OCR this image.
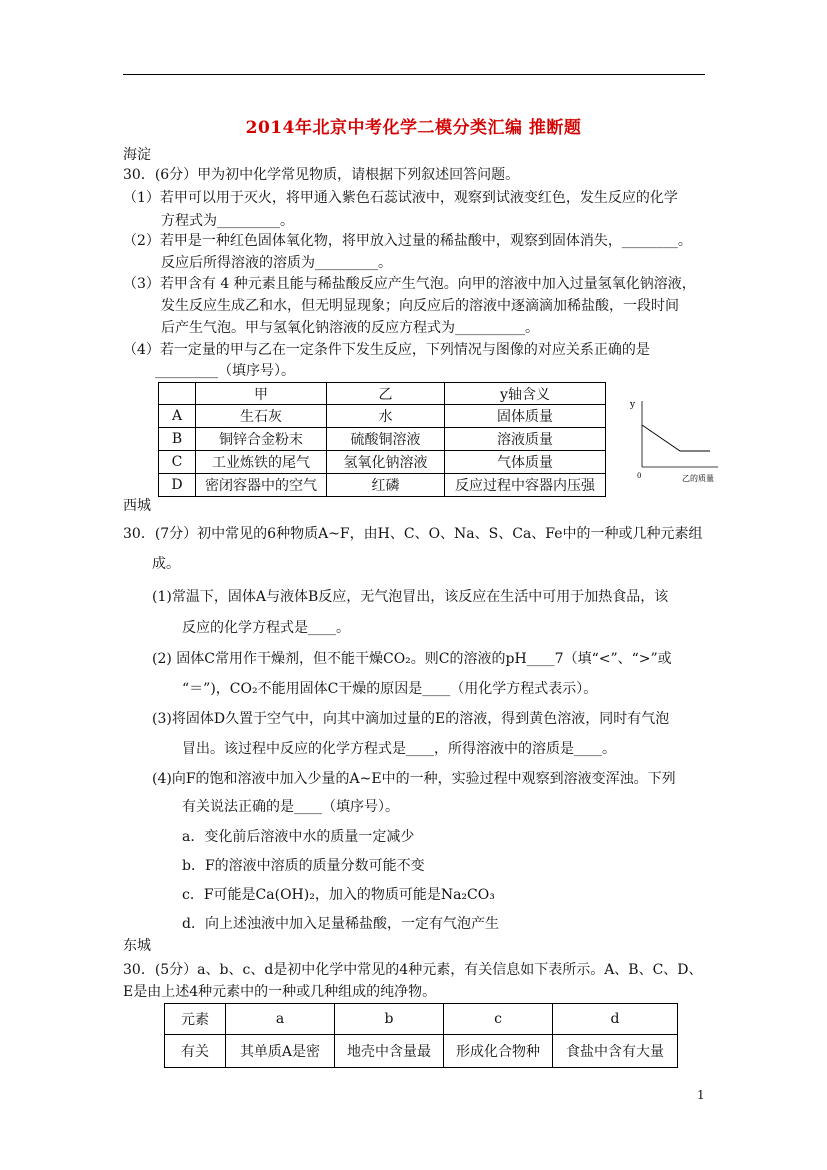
2014年北京中考化学二模分类汇编 推断题
海淀
30．(6分）甲为初中化学常见物质，请根据下列叙述回答问题。
（1）若甲可以用于灭火，将甲通入紫色石蕊试液中，观察到试液变红色，发生反应的化学
方程式为_________。
（2）若甲是一种红色固体氧化物，将甲放入过量的稀盐酸中，观察到固体消失，________。
反应后所得溶液的溶质为_________。
（3）若甲含有 4 种元素且能与稀盐酸反应产生气泡。向甲的溶液中加入过量氢氧化钠溶液，
发生反应生成乙和水，但无明显现象；向反应后的溶液中逐滴滴加稀盐酸，一段时间
后产生气泡。甲与氢氧化钠溶液的反应方程式为__________。
（4）若一定量的甲与乙在一定条件下发生反应，下列情况与图像的对应关系正确的是
_________（填序号）。
	甲	乙	y轴含义
A	生石灰	水	固体质量
B	铜锌合金粉末	硫酸铜溶液	溶液质量
C	工业炼铁的尾气	氢氧化钠溶液	气体质量
D	密闭容器中的空气	红磷	反应过程中容器内压强
y
0	乙的质量
西城
30．(7分）初中常见的6种物质A~F，由H、C、O、Na、S、Ca、Fe中的一种或几种元素组
成。
(1)常温下，固体A与液体B反应，无气泡冒出，该反应在生活中可用于加热食品，该
反应的化学方程式是____。
(2) 固体C常用作干燥剂，但不能干燥CO₂。则C的溶液的pH____7（填“<”、“>”或
“＝”)，CO₂不能用固体C干燥的原因是____（用化学方程式表示）。
(3)将固体D久置于空气中，向其中滴加过量的E的溶液，得到黄色溶液，同时有气泡
冒出。该过程中反应的化学方程式是____，所得溶液中的溶质是____。
(4)向F的饱和溶液中加入少量的A~E中的一种，实验过程中观察到溶液变浑浊。下列
有关说法正确的是____（填序号）。
a．变化前后溶液中水的质量一定减少
b．F的溶液中溶质的质量分数可能不变
c．F可能是Ca(OH)₂，加入的物质可能是Na₂CO₃
d．向上述浊液中加入足量稀盐酸，一定有气泡产生
东城
30．(5分）a、b、c、d是初中化学中常见的4种元素，有关信息如下表所示。A、B、C、D、
E是由上述4种元素中的一种或几种组成的纯净物。
元素	a	b	c	d
有关	其单质A是密	地壳中含量最	形成化合物种	食盐中含有大量
1
